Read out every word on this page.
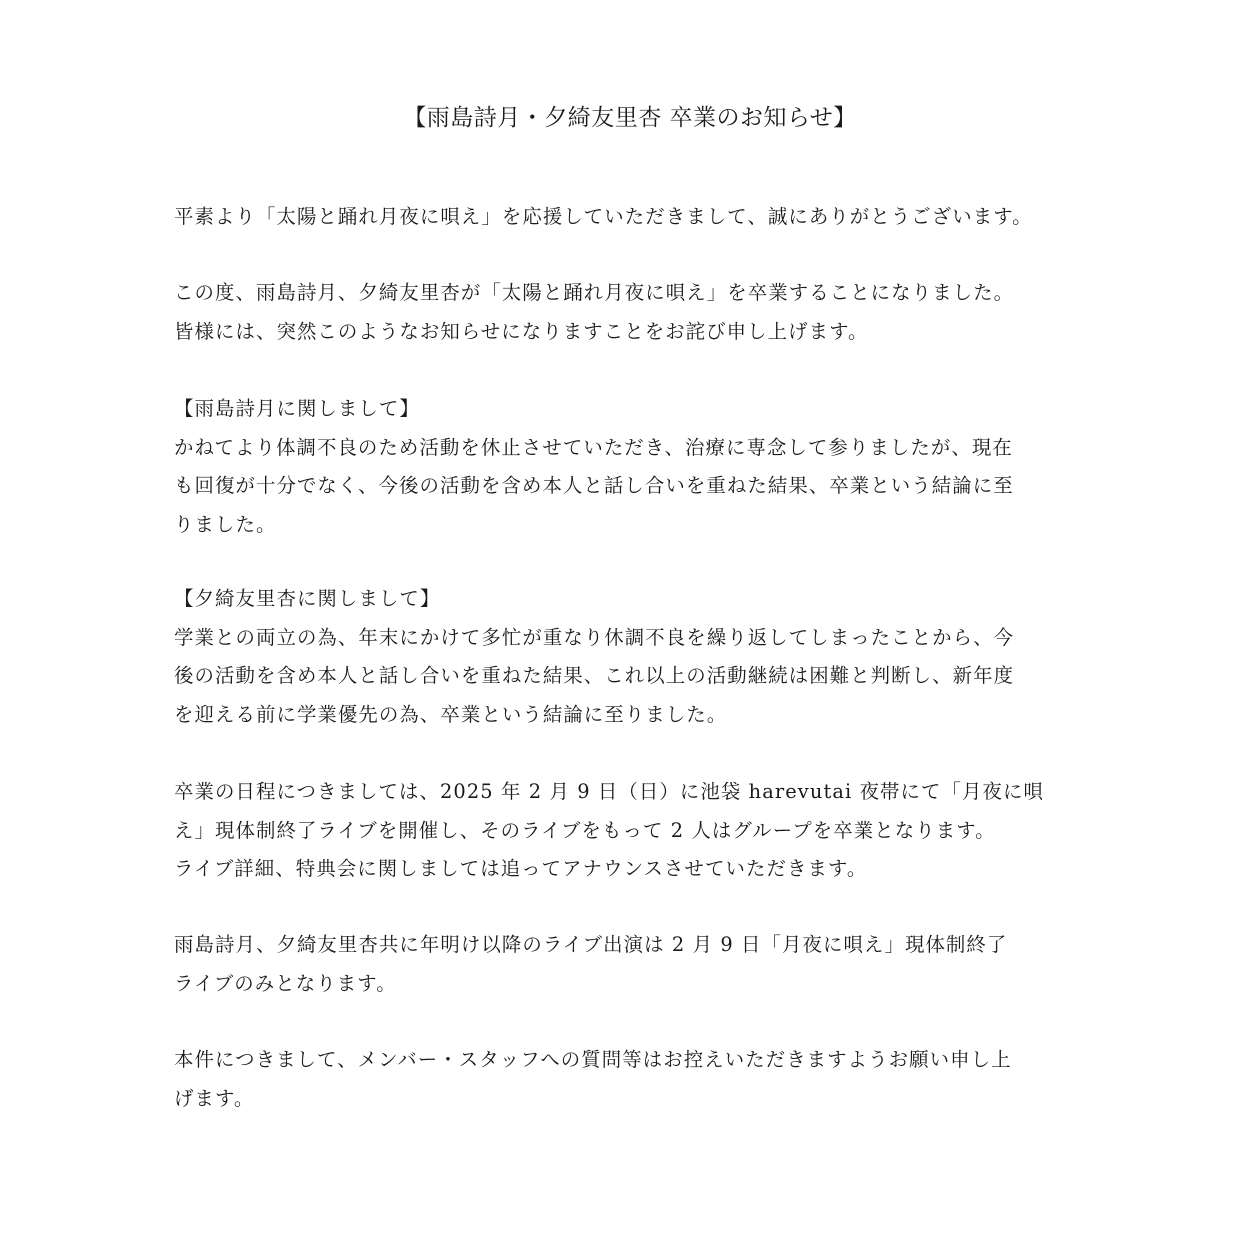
【雨島詩月・夕綺友里杏 卒業のお知らせ】
平素より「太陽と踊れ月夜に唄え」を応援していただきまして、誠にありがとうございます。
この度、雨島詩月、夕綺友里杏が「太陽と踊れ月夜に唄え」を卒業することになりました。
皆様には、突然このようなお知らせになりますことをお詫び申し上げます。
【雨島詩月に関しまして】
かねてより体調不良のため活動を休止させていただき、治療に専念して参りましたが、現在
も回復が十分でなく、今後の活動を含め本人と話し合いを重ねた結果、卒業という結論に至
りました。
【夕綺友里杏に関しまして】
学業との両立の為、年末にかけて多忙が重なり休調不良を繰り返してしまったことから、今
後の活動を含め本人と話し合いを重ねた結果、これ以上の活動継続は困難と判断し、新年度
を迎える前に学業優先の為、卒業という結論に至りました。
卒業の日程につきましては、2025 年 2 月 9 日（日）に池袋 harevutai 夜帯にて「月夜に唄
え」現体制終了ライブを開催し、そのライブをもって 2 人はグループを卒業となります。
ライブ詳細、特典会に関しましては追ってアナウンスさせていただきます。
雨島詩月、夕綺友里杏共に年明け以降のライブ出演は 2 月 9 日「月夜に唄え」現体制終了
ライブのみとなります。
本件につきまして、メンバー・スタッフへの質問等はお控えいただきますようお願い申し上
げます。
